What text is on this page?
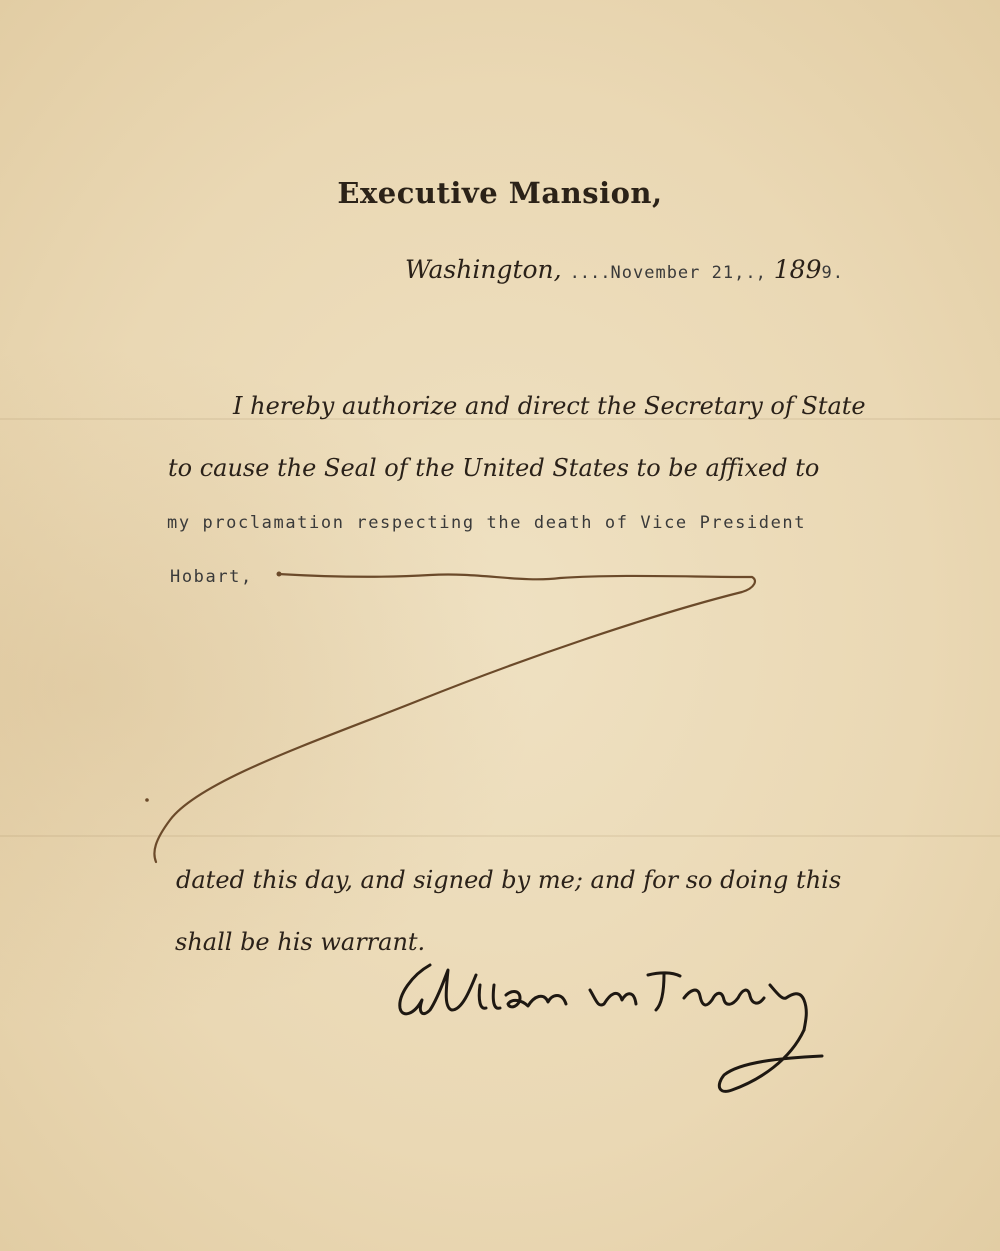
Executive Mansion,
Washington, ....November 21,., 1899.
I hereby authorize and direct the Secretary of State
to cause the Seal of the United States to be affixed to
my proclamation respecting the death of Vice President
Hobart,
dated this day, and signed by me; and for so doing this
shall be his warrant.
